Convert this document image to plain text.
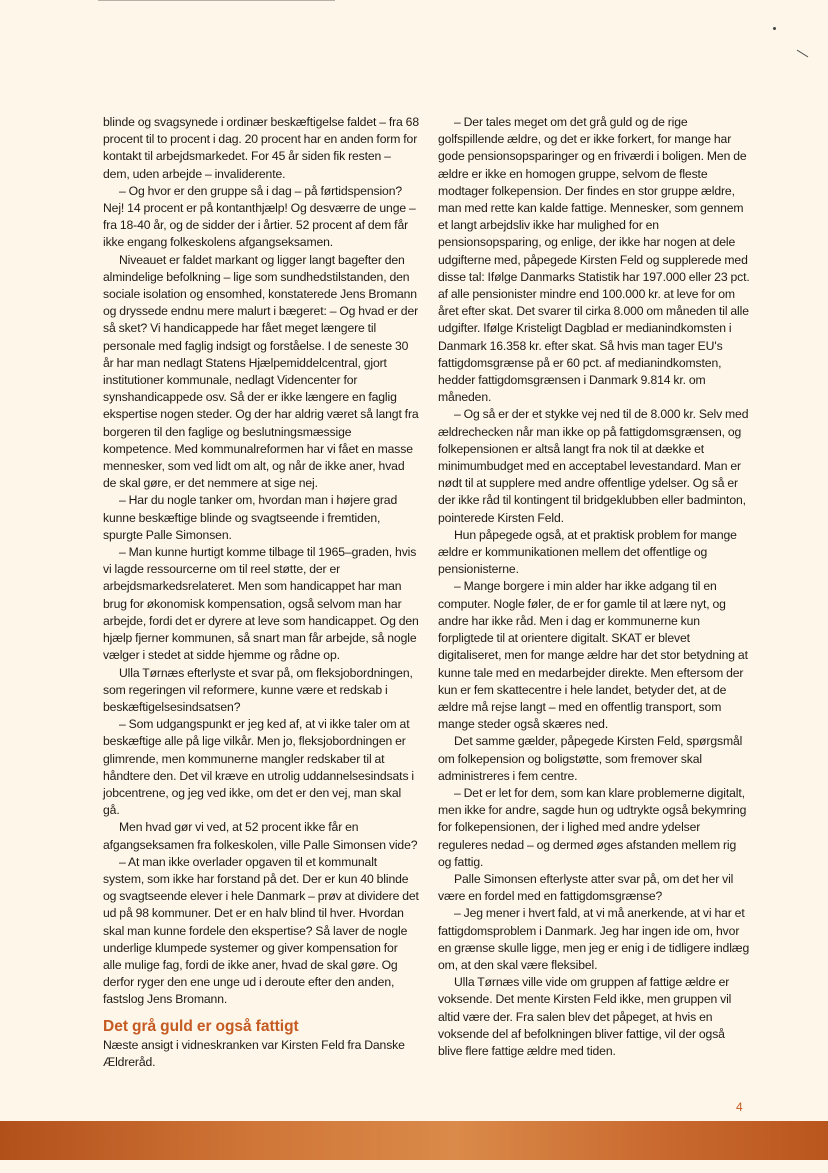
blinde og svagsynede i ordinær beskæftigelse faldet – fra 68 procent til to procent i dag. 20 procent har en anden form for kontakt til arbejdsmarkedet. For 45 år siden fik resten – dem, uden arbejde – invaliderente.

– Og hvor er den gruppe så i dag – på førtidspension? Nej! 14 procent er på kontanthjælp! Og desværre de unge – fra 18-40 år, og de sidder der i årtier. 52 procent af dem får ikke engang folkeskolens afgangseksamen.

Niveauet er faldet markant og ligger langt bagefter den almindelige befolkning – lige som sundhedstilstanden, den sociale isolation og ensomhed, konstaterede Jens Bromann og dryssede endnu mere malurt i bægeret: – Og hvad er der så sket? Vi handicappede har fået meget længere til personale med faglig indsigt og forståelse. I de seneste 30 år har man nedlagt Statens Hjælpemiddelcentral, gjort institutioner kommunale, nedlagt Videncenter for synshandicappede osv. Så der er ikke længere en faglig ekspertise nogen steder. Og der har aldrig været så langt fra borgeren til den faglige og beslutningsmæssige kompetence. Med kommunalreformen har vi fået en masse mennesker, som ved lidt om alt, og når de ikke aner, hvad de skal gøre, er det nemmere at sige nej.

– Har du nogle tanker om, hvordan man i højere grad kunne beskæftige blinde og svagtseende i fremtiden, spurgte Palle Simonsen.

– Man kunne hurtigt komme tilbage til 1965–graden, hvis vi lagde ressourcerne om til reel støtte, der er arbejdsmarkedsrelateret. Men som handicappet har man brug for økonomisk kompensation, også selvom man har arbejde, fordi det er dyrere at leve som handicappet. Og den hjælp fjerner kommunen, så snart man får arbejde, så nogle vælger i stedet at sidde hjemme og rådne op.

Ulla Tørnæs efterlyste et svar på, om fleksjobordningen, som regeringen vil reformere, kunne være et redskab i beskæftigelsesindsatsen?

– Som udgangspunkt er jeg ked af, at vi ikke taler om at beskæftige alle på lige vilkår. Men jo, fleksjobordningen er glimrende, men kommunerne mangler redskaber til at håndtere den. Det vil kræve en utrolig uddannelsesindsats i jobcentrene, og jeg ved ikke, om det er den vej, man skal gå.

Men hvad gør vi ved, at 52 procent ikke får en afgangseksamen fra folkeskolen, ville Palle Simonsen vide?

– At man ikke overlader opgaven til et kommunalt system, som ikke har forstand på det. Der er kun 40 blinde og svagtseende elever i hele Danmark – prøv at dividere det ud på 98 kommuner. Det er en halv blind til hver. Hvordan skal man kunne fordele den ekspertise? Så laver de nogle underlige klumpede systemer og giver kompensation for alle mulige fag, fordi de ikke aner, hvad de skal gøre. Og derfor ryger den ene unge ud i deroute efter den anden, fastslog Jens Bromann.

Det grå guld er også fattigt

Næste ansigt i vidneskranken var Kirsten Feld fra Danske Ældreråd.

– Der tales meget om det grå guld og de rige golfspillende ældre, og det er ikke forkert, for mange har gode pensionsopsparinger og en friværdi i boligen. Men de ældre er ikke en homogen gruppe, selvom de fleste modtager folkepension. Der findes en stor gruppe ældre, man med rette kan kalde fattige. Mennesker, som gennem et langt arbejdsliv ikke har mulighed for en pensionsopsparing, og enlige, der ikke har nogen at dele udgifterne med, påpegede Kirsten Feld og supplerede med disse tal: Ifølge Danmarks Statistik har 197.000 eller 23 pct. af alle pensionister mindre end 100.000 kr. at leve for om året efter skat. Det svarer til cirka 8.000 om måneden til alle udgifter. Ifølge Kristeligt Dagblad er medianindkomsten i Danmark 16.358 kr. efter skat. Så hvis man tager EU's fattigdomsgrænse på er 60 pct. af medianindkomsten, hedder fattigdomsgrænsen i Danmark 9.814 kr. om måneden.

– Og så er der et stykke vej ned til de 8.000 kr. Selv med ældrechecken når man ikke op på fattigdomsgrænsen, og folkepensionen er altså langt fra nok til at dække et minimumbudget med en acceptabel levestandard. Man er nødt til at supplere med andre offentlige ydelser. Og så er der ikke råd til kontingent til bridgeklubben eller badminton, pointerede Kirsten Feld.

Hun påpegede også, at et praktisk problem for mange ældre er kommunikationen mellem det offentlige og pensionisterne.

– Mange borgere i min alder har ikke adgang til en computer. Nogle føler, de er for gamle til at lære nyt, og andre har ikke råd. Men i dag er kommunerne kun forpligtede til at orientere digitalt. SKAT er blevet digitaliseret, men for mange ældre har det stor betydning at kunne tale med en medarbejder direkte. Men eftersom der kun er fem skattecentre i hele landet, betyder det, at de ældre må rejse langt – med en offentlig transport, som mange steder også skæres ned.

Det samme gælder, påpegede Kirsten Feld, spørgsmål om folkepension og boligstøtte, som fremover skal administreres i fem centre.

– Det er let for dem, som kan klare problemerne digitalt, men ikke for andre, sagde hun og udtrykte også bekymring for folkepensionen, der i lighed med andre ydelser reguleres nedad – og dermed øges afstanden mellem rig og fattig.

Palle Simonsen efterlyste atter svar på, om det her vil være en fordel med en fattigdomsgrænse?

– Jeg mener i hvert fald, at vi må anerkende, at vi har et fattigdomsproblem i Danmark. Jeg har ingen ide om, hvor en grænse skulle ligge, men jeg er enig i de tidligere indlæg om, at den skal være fleksibel.

Ulla Tørnæs ville vide om gruppen af fattige ældre er voksende. Det mente Kirsten Feld ikke, men gruppen vil altid være der. Fra salen blev det påpeget, at hvis en voksende del af befolkningen bliver fattige, vil der også blive flere fattige ældre med tiden.

4
